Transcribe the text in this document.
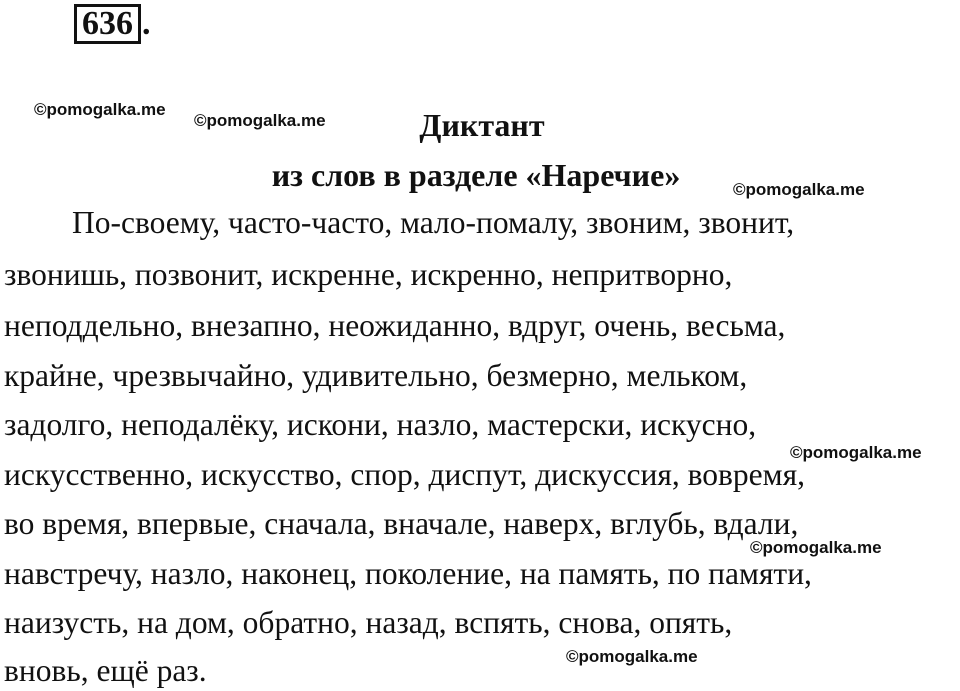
636 .
©pomogalka.me
©pomogalka.me	Диктант
из слов в разделе «Наречие»	©pomogalka.me
По-своему, часто-часто, мало-помалу, звоним, звонит,
звонишь, позвонит, искренне, искренно, непритворно,
неподдельно, внезапно, неожиданно, вдруг, очень, весьма,
крайне, чрезвычайно, удивительно, безмерно, мельком,
задолго, неподалёку, искони, назло, мастерски, искусно,
©pomogalka.me
искусственно, искусство, спор, диспут, дискуссия, вовремя,
во время, впервые, сначала, вначале, наверх, вглубь, вдали,
©pomogalka.me
навстречу, назло, наконец, поколение, на память, по памяти,
наизусть, на дом, обратно, назад, вспять, снова, опять,
©pomogalka.me
вновь, ещё раз.
